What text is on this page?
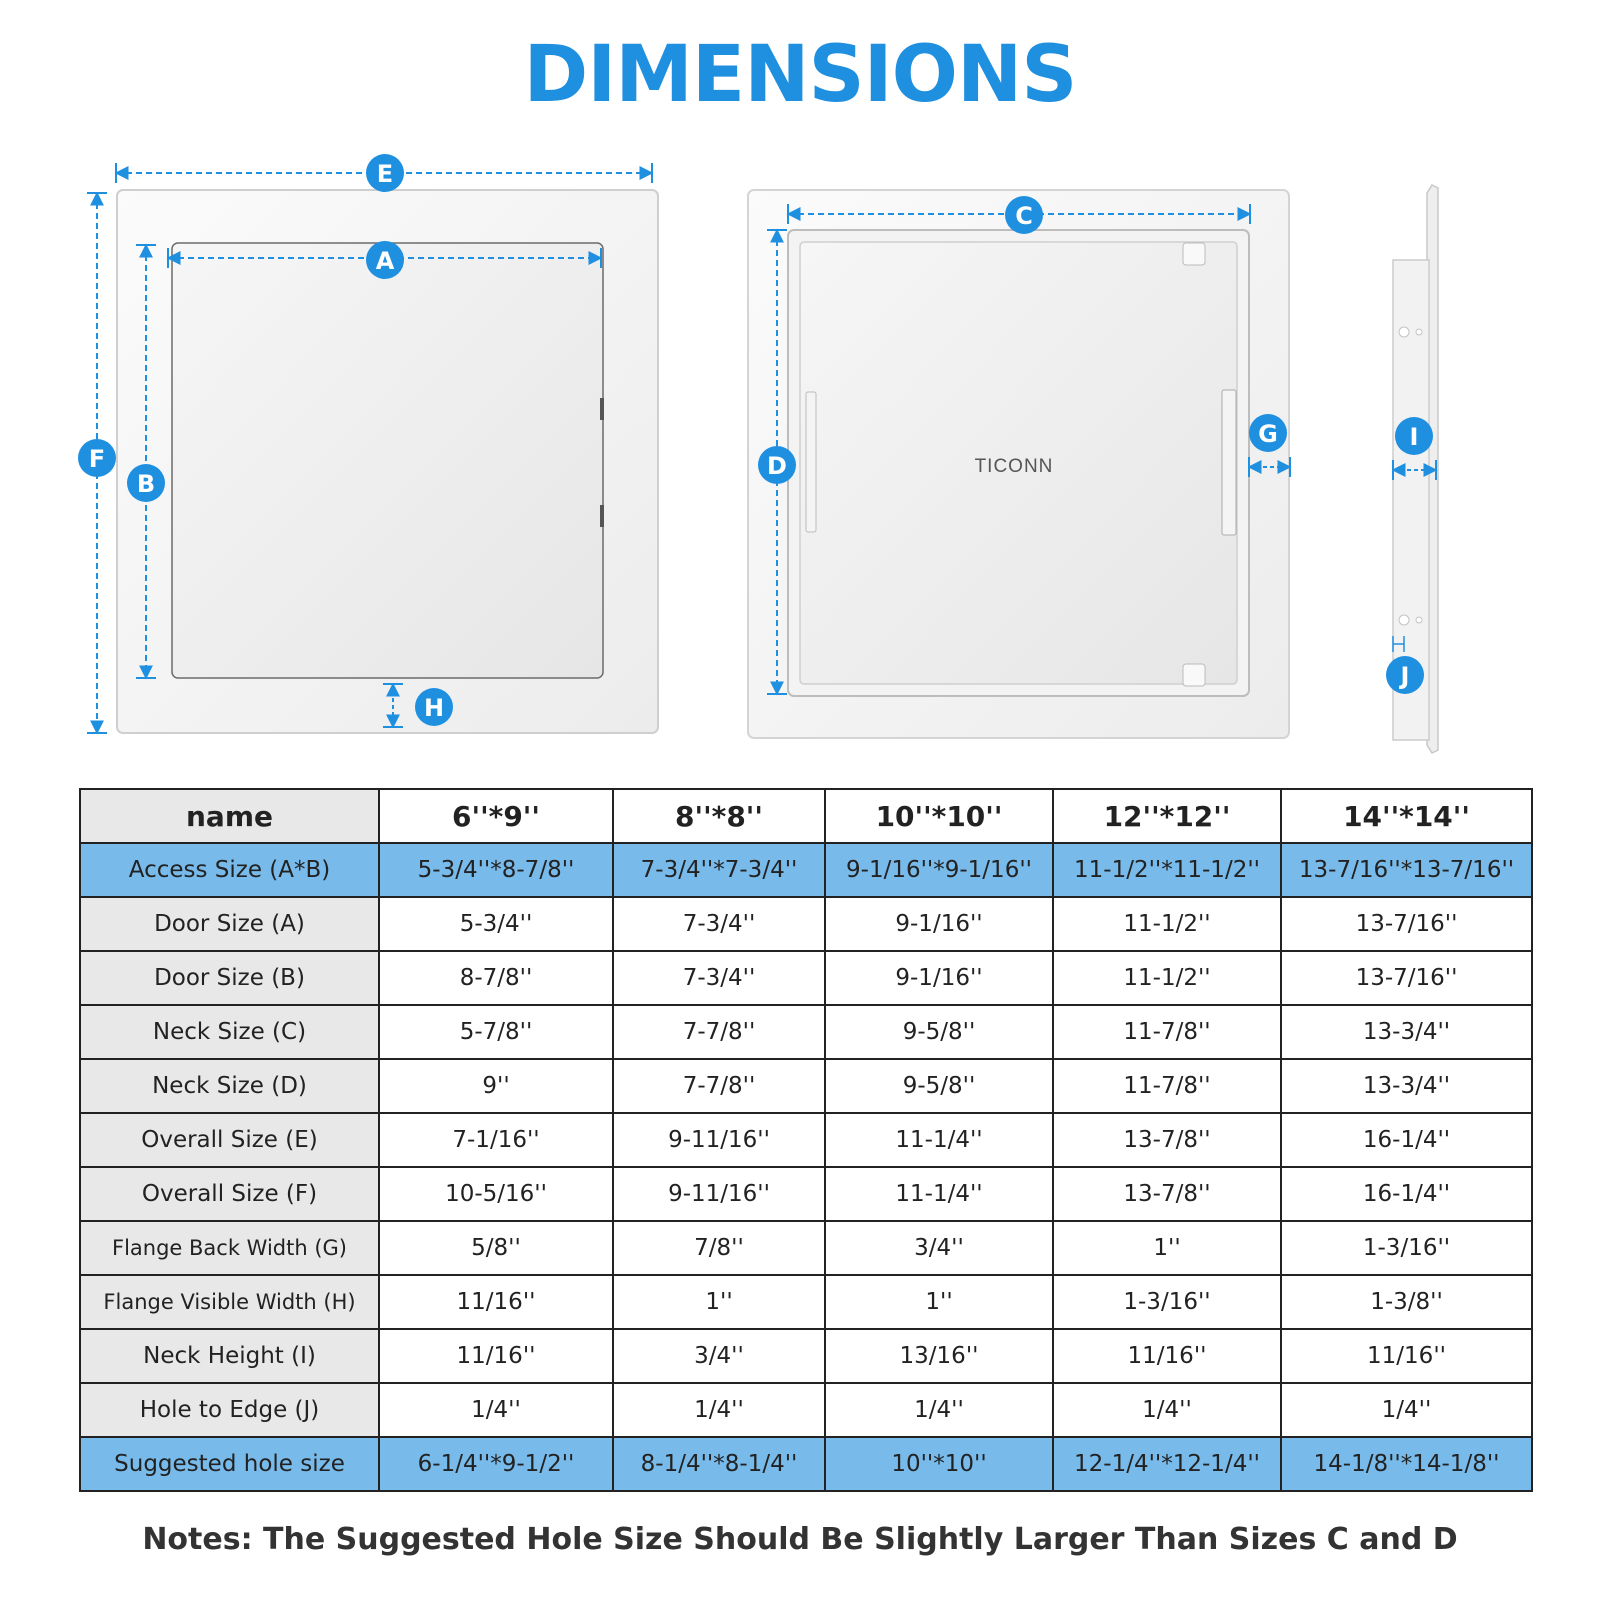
DIMENSIONS
E
A
F
B
H
TICONN
C
D
G	I
J
name	6''*9''	8''*8''	10''*10''	12''*12''	14''*14''
Access Size (A*B)	5-3/4''*8-7/8''	7-3/4''*7-3/4''	9-1/16''*9-1/16''	11-1/2''*11-1/2''	13-7/16''*13-7/16''
Door Size (A)	5-3/4''	7-3/4''	9-1/16''	11-1/2''	13-7/16''
Door Size (B)	8-7/8''	7-3/4''	9-1/16''	11-1/2''	13-7/16''
Neck Size (C)	5-7/8''	7-7/8''	9-5/8''	11-7/8''	13-3/4''
Neck Size (D)	9''	7-7/8''	9-5/8''	11-7/8''	13-3/4''
Overall Size (E)	7-1/16''	9-11/16''	11-1/4''	13-7/8''	16-1/4''
Overall Size (F)	10-5/16''	9-11/16''	11-1/4''	13-7/8''	16-1/4''
Flange Back Width (G)	5/8''	7/8''	3/4''	1''	1-3/16''
Flange Visible Width (H)	11/16''	1''	1''	1-3/16''	1-3/8''
Neck Height (I)	11/16''	3/4''	13/16''	11/16''	11/16''
Hole to Edge (J)	1/4''	1/4''	1/4''	1/4''	1/4''
Suggested hole size	6-1/4''*9-1/2''	8-1/4''*8-1/4''	10''*10''	12-1/4''*12-1/4''	14-1/8''*14-1/8''
Notes: The Suggested Hole Size Should Be Slightly Larger Than Sizes C and D
